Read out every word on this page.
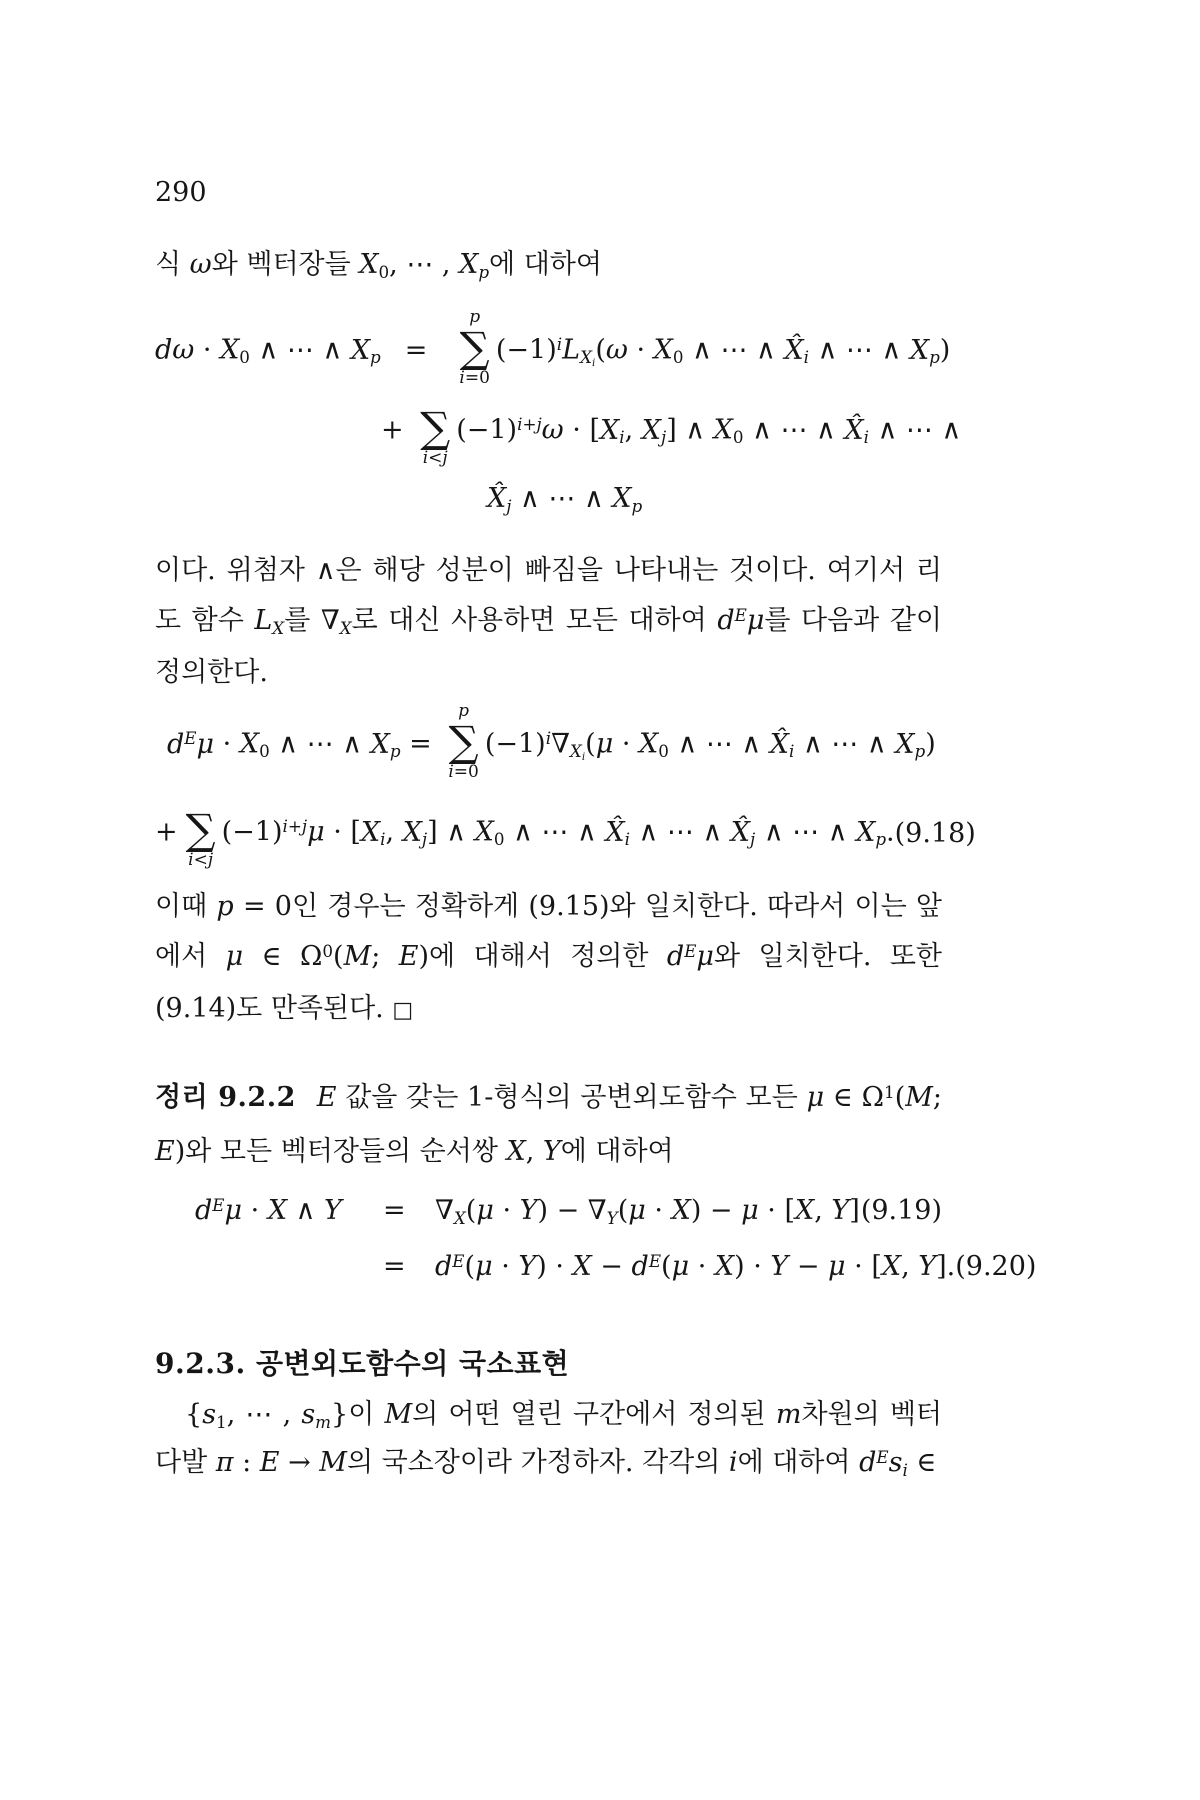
290

식 ω와 벡터장들 $X_0$, ⋯ , $X_p$에 대하여

$d\omega \cdot X_0$ ∧ ⋯ ∧ $X_p$ =
p
∑
i=0
$(-1)^iL_{X_i}(\omega \cdot X_0$ ∧ ⋯ ∧ $X̂_i$ ∧ ⋯ ∧ $X_p$)
+
∑
i<j
$(-1)^{i+j}\omega \cdot [X_i$, $X_j$] ∧ $X_0$ ∧ ⋯ ∧ $X̂_i$ ∧ ⋯ ∧
$X̂_j$ ∧ ⋯ ∧ $X_p$

이다. 위첨자 ∧은 해당 성분이 빠짐을 나타내는 것이다. 여기서 리도 함수 $L_X$를 $\nabla_X$로 대신 사용하면 모든 대하여 $d^E\mu$를 다음과 같이 정의한다.

$d^E\mu \cdot X_0$ ∧ ⋯ ∧ $X_p$ =
p
∑
i=0
$(-1)^i\nabla_{X_i}(\mu \cdot X_0$ ∧ ⋯ ∧ $X̂_i$ ∧ ⋯ ∧ $X_p$)
+
∑
i<j
$(-1)^{i+j}\mu \cdot [X_i$, $X_j$] ∧ $X_0$ ∧ ⋯ ∧ $X̂_i$ ∧ ⋯ ∧ $X̂_j$ ∧ ⋯ ∧ $X_p$. (9.18)

이때 p = 0인 경우는 정확하게 (9.15)와 일치한다. 따라서 이는 앞에서 μ ∈ $\Omega^0(M$; E)에 대해서 정의한 $d^E\mu$와 일치한다. 또한 (9.14)도 만족된다. □

정리 9.2.2 E 값을 갖는 1-형식의 공변외도함수 모든 μ ∈ $\Omega^1(M$; E)와 모든 벡터장들의 순서쌍 X, Y에 대하여

$d^E\mu \cdot X$ ∧ Y	=	$\nabla_X(\mu \cdot Y) - \nabla_Y(\mu \cdot X) - \mu \cdot [X$, Y] (9.19)
=	$d^E(\mu \cdot Y) \cdot X - d^E(\mu \cdot X) \cdot Y - \mu \cdot [X$, Y]. (9.20)
9.2.3. 공변외도함수의 국소표현

{$s_1$, ⋯ , $s_m$}이 M의 어떤 열린 구간에서 정의된 m차원의 벡터다발 π : E → M의 국소장이라 가정하자. 각각의 i에 대하여 $d^Es_i$ ∈
